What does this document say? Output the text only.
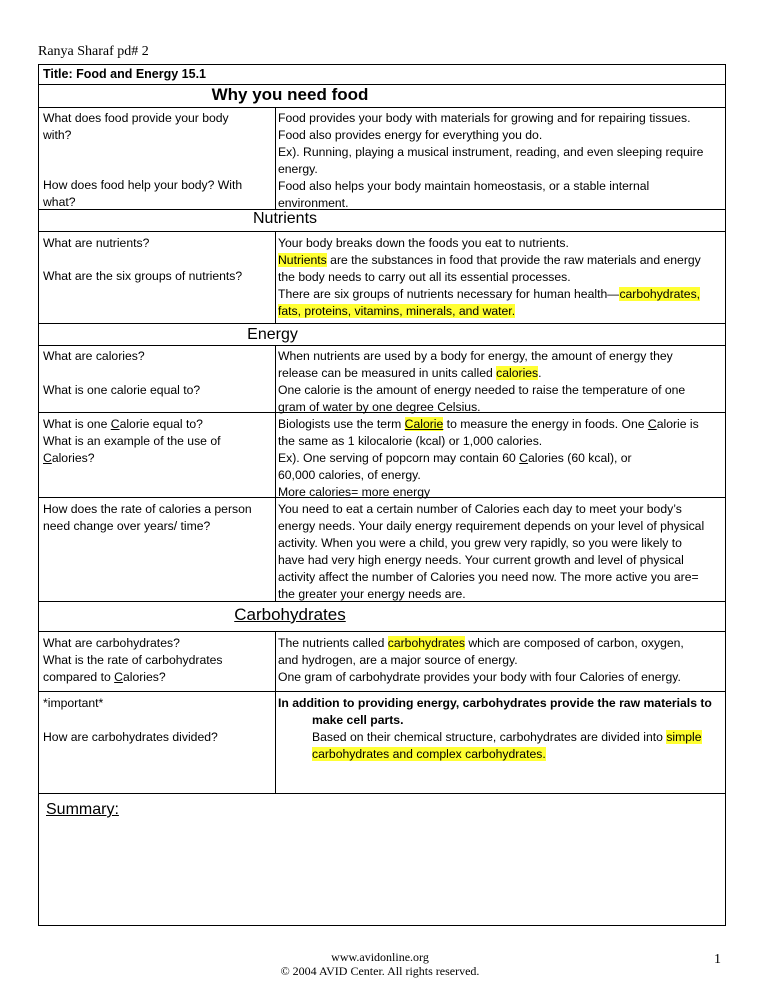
Ranya Sharaf pd# 2
Title: Food and Energy 15.1
Why you need food
What does food provide your body
with?
How does food help your body? With
what?
Food provides your body with materials for growing and for repairing tissues.
Food also provides energy for everything you do.
Ex). Running, playing a musical instrument, reading, and even sleeping require
energy.
Food also helps your body maintain homeostasis, or a stable internal
environment.
Nutrients
What are nutrients?
What are the six groups of nutrients?
Your body breaks down the foods you eat to nutrients.
Nutrients are the substances in food that provide the raw materials and energy
the body needs to carry out all its essential processes.
There are six groups of nutrients necessary for human health—carbohydrates,
fats, proteins, vitamins, minerals, and water.
Energy
What are calories?
What is one calorie equal to?
When nutrients are used by a body for energy, the amount of energy they
release can be measured in units called calories.
One calorie is the amount of energy needed to raise the temperature of one
gram of water by one degree Celsius.
What is one Calorie equal to?
What is an example of the use of
Calories?
Biologists use the term Calorie to measure the energy in foods. One Calorie is
the same as 1 kilocalorie (kcal) or 1,000 calories.
Ex). One serving of popcorn may contain 60 Calories (60 kcal), or
60,000 calories, of energy.
More calories= more energy
How does the rate of calories a person
need change over years/ time?
You need to eat a certain number of Calories each day to meet your body’s
energy needs. Your daily energy requirement depends on your level of physical
activity. When you were a child, you grew very rapidly, so you were likely to
have had very high energy needs. Your current growth and level of physical
activity affect the number of Calories you need now. The more active you are=
the greater your energy needs are.
Carbohydrates
What are carbohydrates?
What is the rate of carbohydrates
compared to Calories?
The nutrients called carbohydrates which are composed of carbon, oxygen,
and hydrogen, are a major source of energy.
One gram of carbohydrate provides your body with four Calories of energy.
*important*
How are carbohydrates divided?
In addition to providing energy, carbohydrates provide the raw materials to
make cell parts.
Based on their chemical structure, carbohydrates are divided into simple
carbohydrates and complex carbohydrates.
Summary:
www.avidonline.org
© 2004 AVID Center. All rights reserved.
1
